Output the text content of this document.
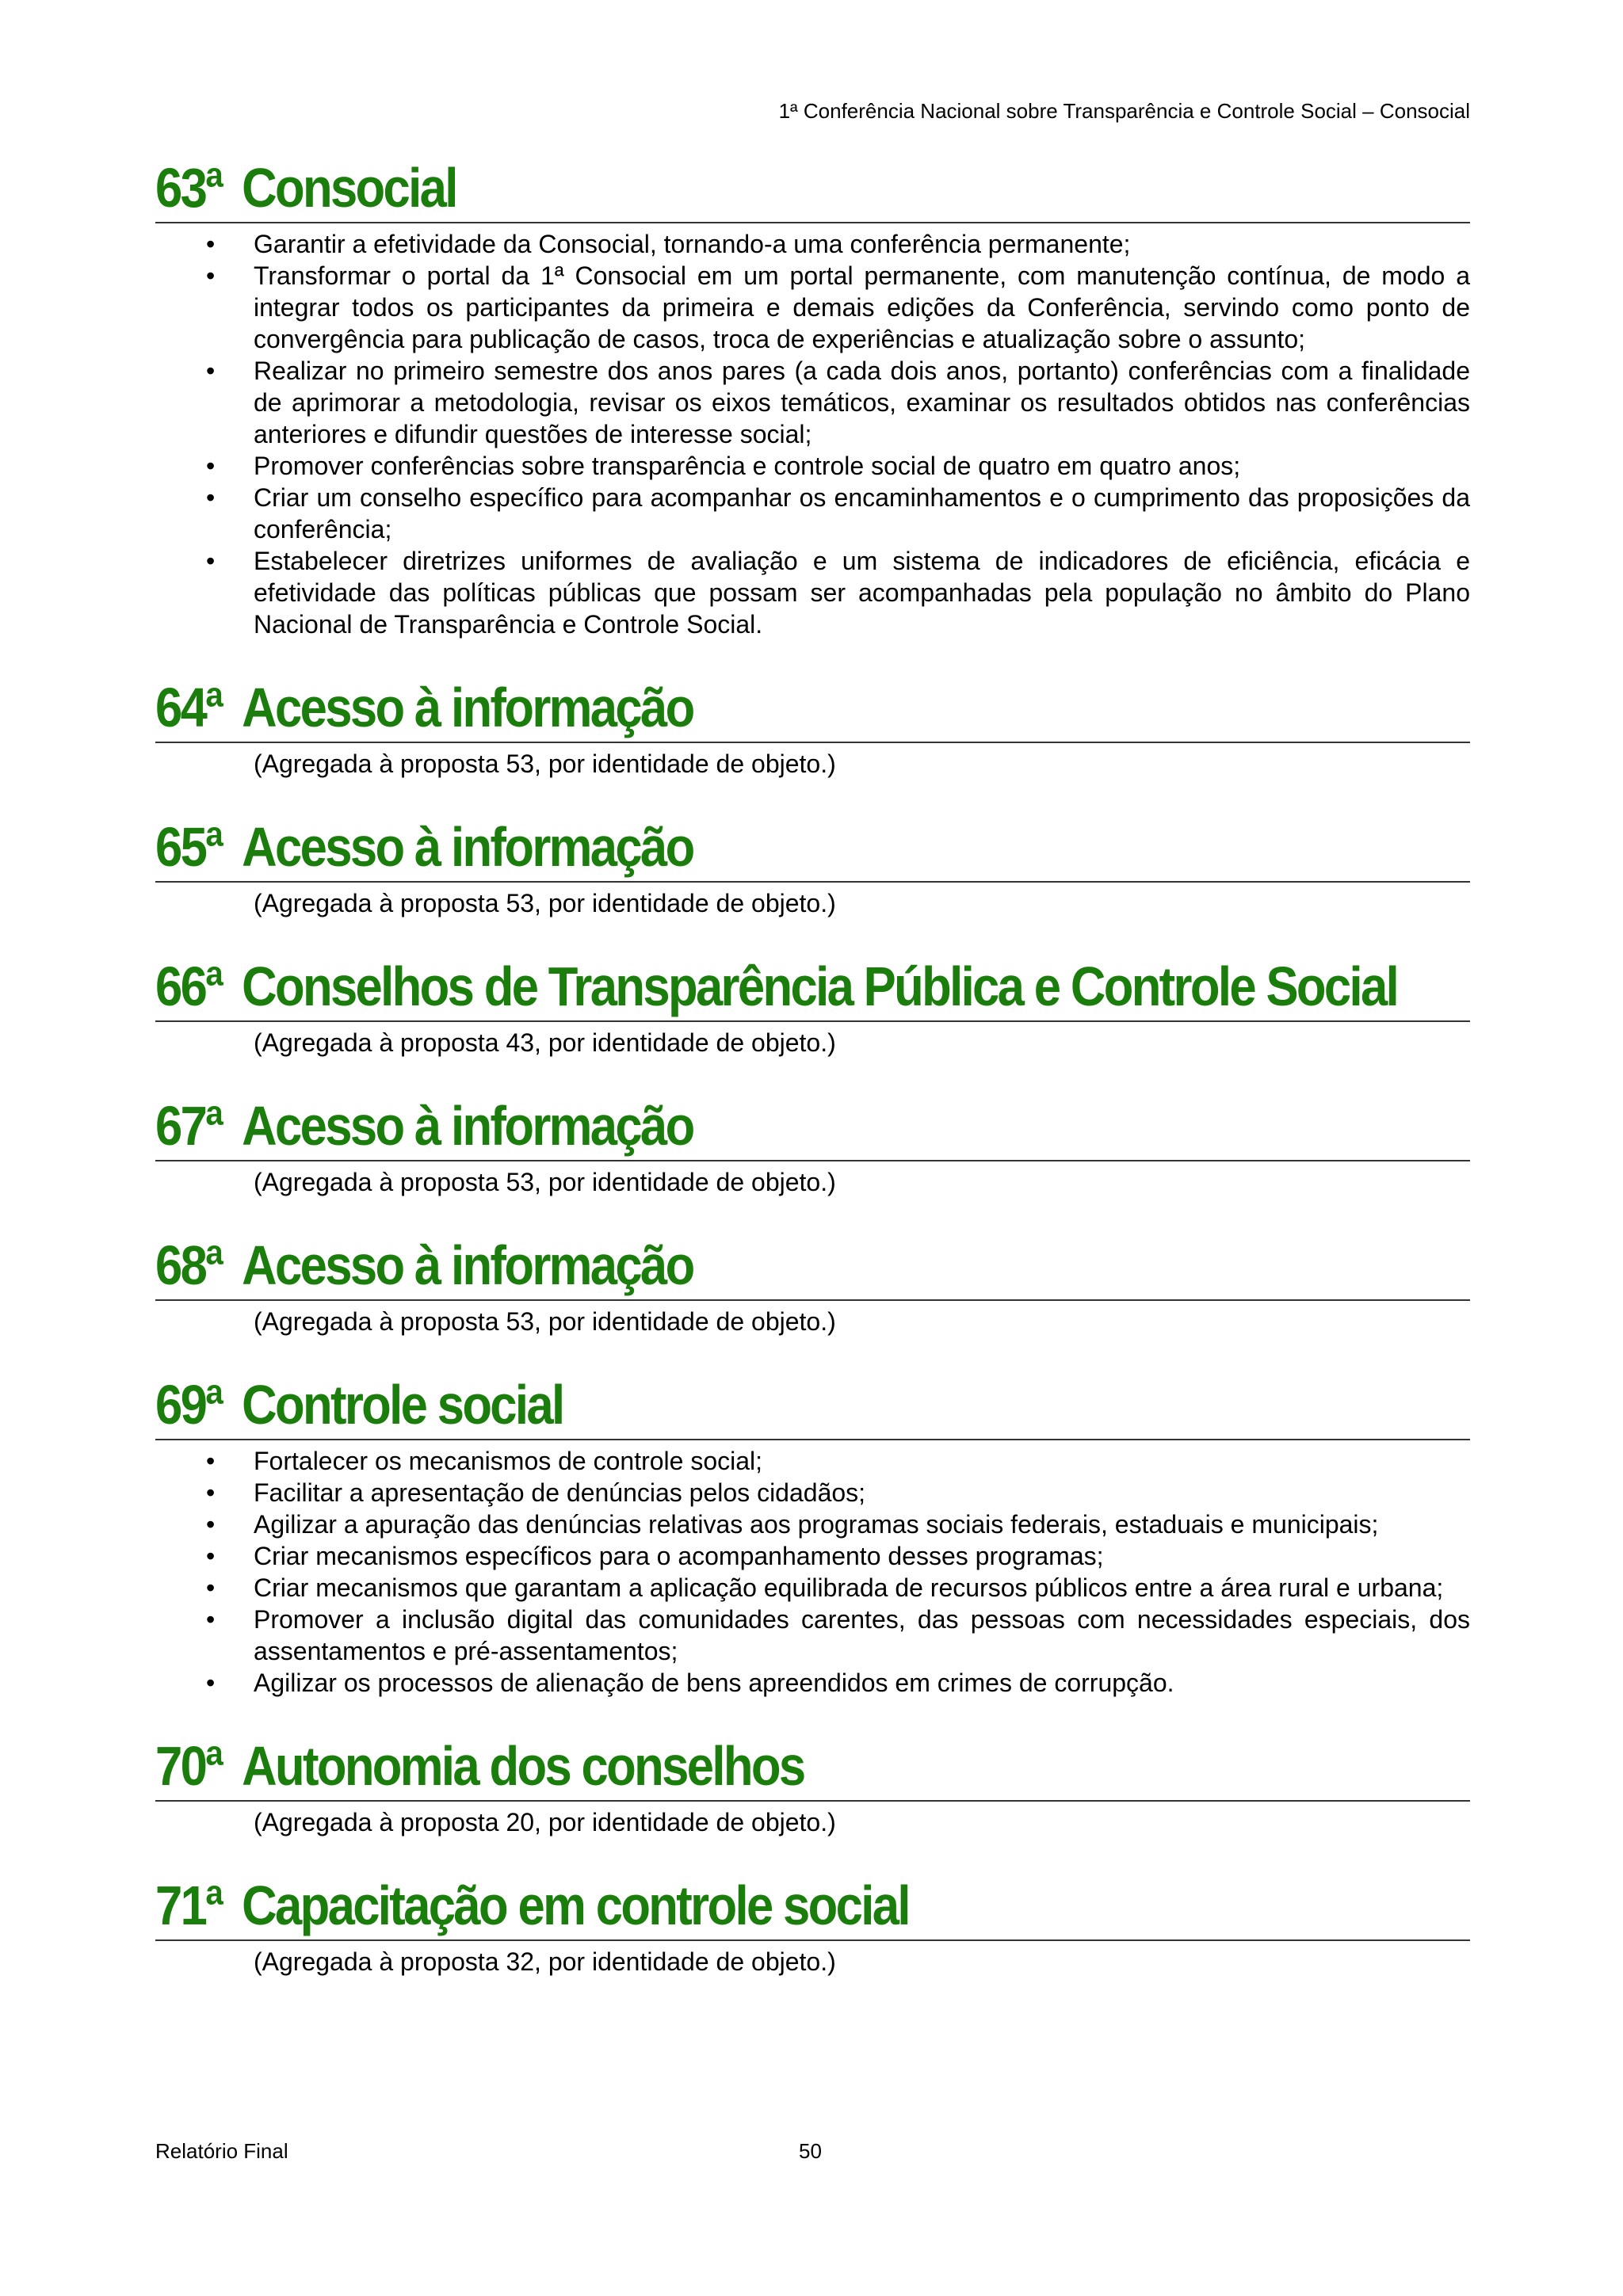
1ª Conferência Nacional sobre Transparência e Controle Social – Consocial
63ª Consocial
• Garantir a efetividade da Consocial, tornando-a uma conferência permanente;
• Transformar o portal da 1ª Consocial em um portal permanente, com manutenção contínua, de modo a integrar todos os participantes da primeira e demais edições da Conferência, servindo como ponto de convergência para publicação de casos, troca de experiências e atualização sobre o assunto;
• Realizar no primeiro semestre dos anos pares (a cada dois anos, portanto) conferências com a finalidade de aprimorar a metodologia, revisar os eixos temáticos, examinar os resultados obtidos nas conferências anteriores e difundir questões de interesse social;
• Promover conferências sobre transparência e controle social de quatro em quatro anos;
• Criar um conselho específico para acompanhar os encaminhamentos e o cumprimento das proposições da conferência;
• Estabelecer diretrizes uniformes de avaliação e um sistema de indicadores de eficiência, eficácia e efetividade das políticas públicas que possam ser acompanhadas pela população no âmbito do Plano Nacional de Transparência e Controle Social.
64ª Acesso à informação
(Agregada à proposta 53, por identidade de objeto.)
65ª Acesso à informação
(Agregada à proposta 53, por identidade de objeto.)
66ª Conselhos de Transparência Pública e Controle Social
(Agregada à proposta 43, por identidade de objeto.)
67ª Acesso à informação
(Agregada à proposta 53, por identidade de objeto.)
68ª Acesso à informação
(Agregada à proposta 53, por identidade de objeto.)
69ª Controle social
• Fortalecer os mecanismos de controle social;
• Facilitar a apresentação de denúncias pelos cidadãos;
• Agilizar a apuração das denúncias relativas aos programas sociais federais, estaduais e municipais;
• Criar mecanismos específicos para o acompanhamento desses programas;
• Criar mecanismos que garantam a aplicação equilibrada de recursos públicos entre a área rural e urbana;
• Promover a inclusão digital das comunidades carentes, das pessoas com necessidades especiais, dos assentamentos e pré-assentamentos;
• Agilizar os processos de alienação de bens apreendidos em crimes de corrupção.
70ª Autonomia dos conselhos
(Agregada à proposta 20, por identidade de objeto.)
71ª Capacitação em controle social
(Agregada à proposta 32, por identidade de objeto.)
Relatório Final	50
